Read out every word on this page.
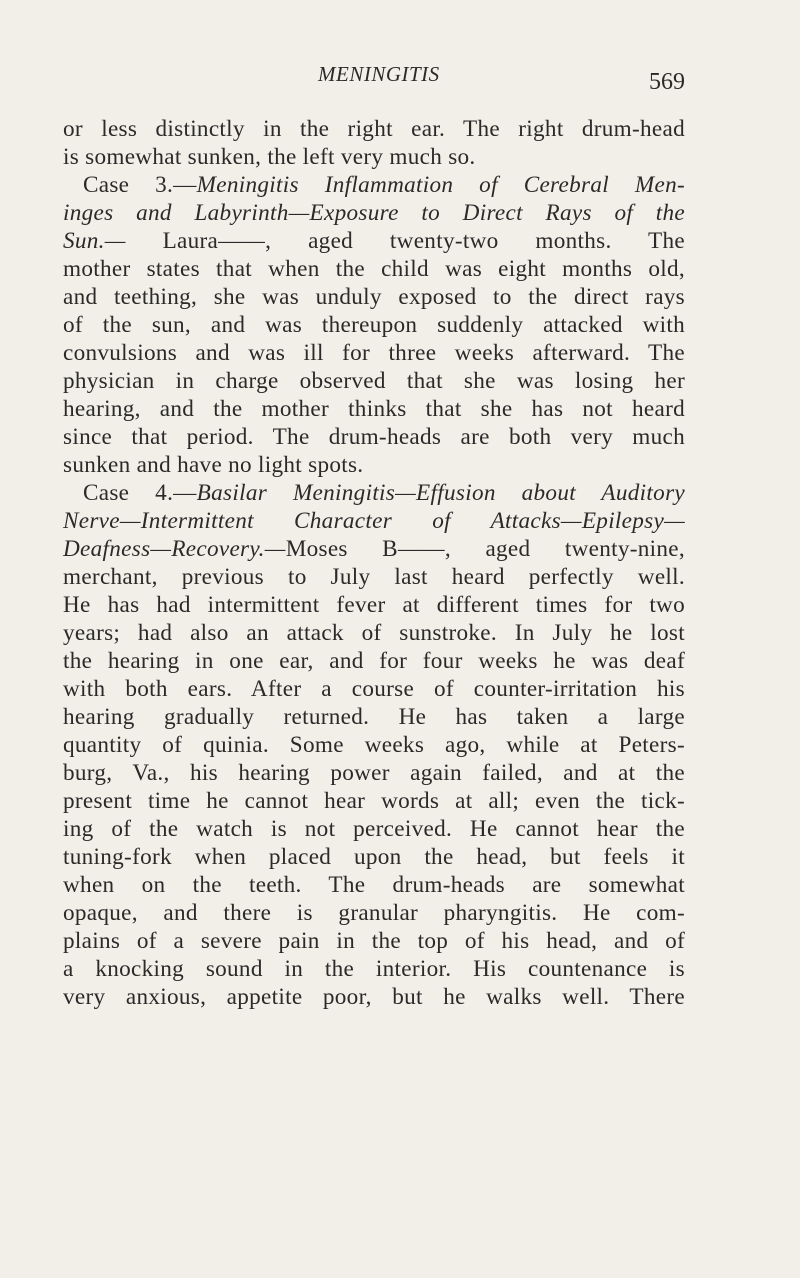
MENINGITIS	569
or less distinctly in the right ear. The right drum-head
is somewhat sunken, the left very much so.
Case 3.—Meningitis Inflammation of Cerebral Men-
inges and Labyrinth—Exposure to Direct Rays of the
Sun.— Laura——, aged twenty-two months. The
mother states that when the child was eight months old,
and teething, she was unduly exposed to the direct rays
of the sun, and was thereupon suddenly attacked with
convulsions and was ill for three weeks afterward. The
physician in charge observed that she was losing her
hearing, and the mother thinks that she has not heard
since that period. The drum-heads are both very much
sunken and have no light spots.
Case 4.—Basilar Meningitis—Effusion about Auditory
Nerve—Intermittent Character of Attacks—Epilepsy—
Deafness—Recovery.—Moses B——, aged twenty-nine,
merchant, previous to July last heard perfectly well.
He has had intermittent fever at different times for two
years; had also an attack of sunstroke. In July he lost
the hearing in one ear, and for four weeks he was deaf
with both ears. After a course of counter-irritation his
hearing gradually returned. He has taken a large
quantity of quinia. Some weeks ago, while at Peters-
burg, Va., his hearing power again failed, and at the
present time he cannot hear words at all; even the tick-
ing of the watch is not perceived. He cannot hear the
tuning-fork when placed upon the head, but feels it
when on the teeth. The drum-heads are somewhat
opaque, and there is granular pharyngitis. He com-
plains of a severe pain in the top of his head, and of
a knocking sound in the interior. His countenance is
very anxious, appetite poor, but he walks well. There
